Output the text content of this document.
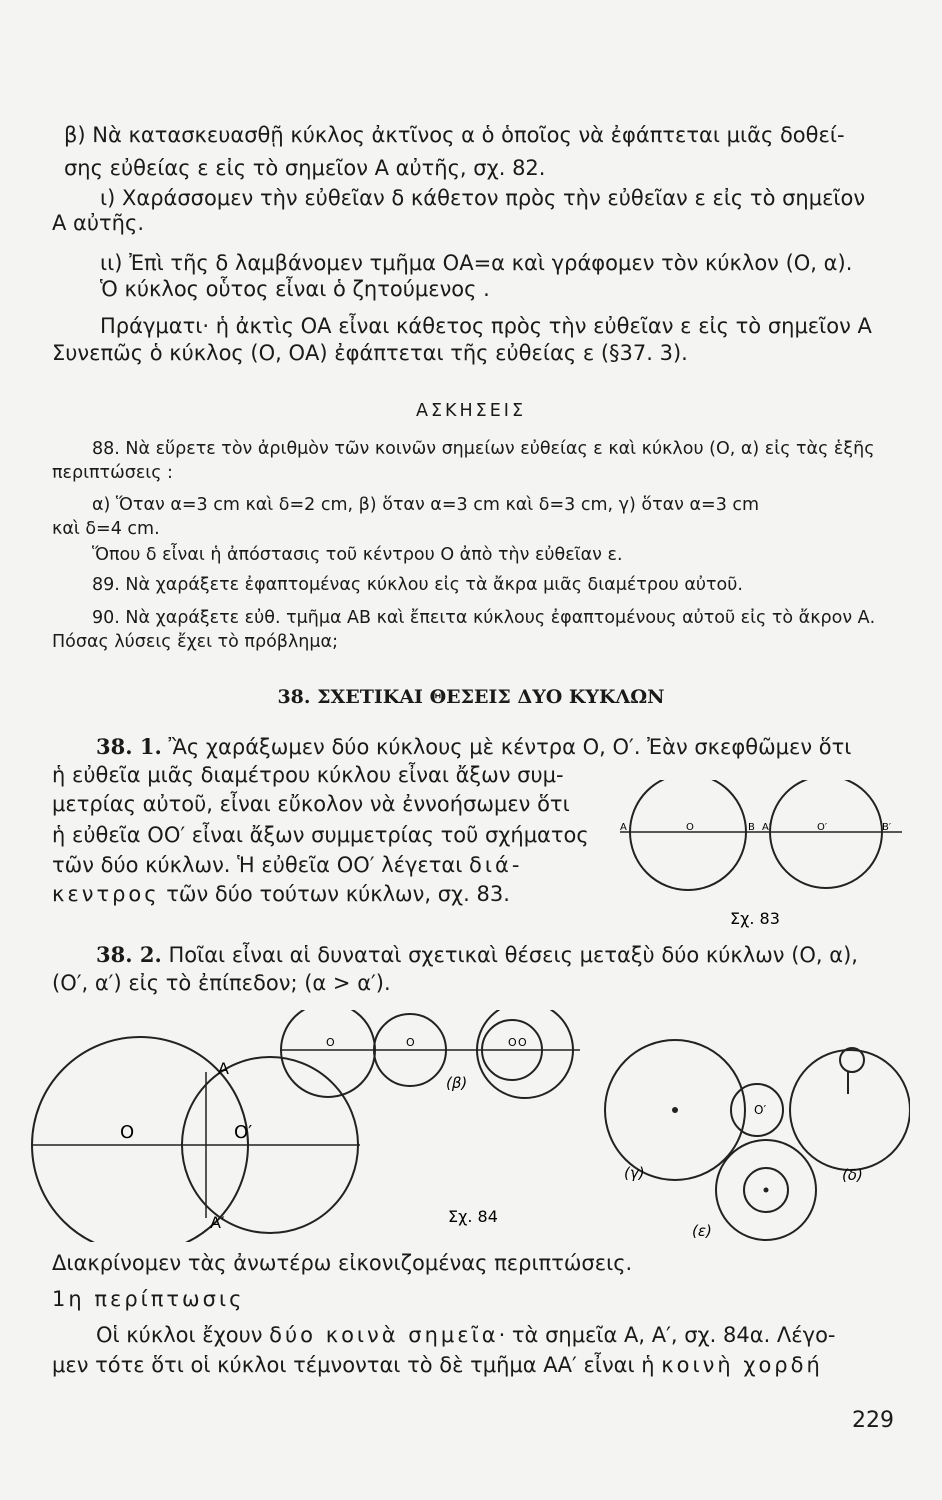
β) Νὰ κατασκευασθῇ κύκλος ἀκτῖνος α ὁ ὁποῖος νὰ ἐφάπτεται μιᾶς δοθεί-
σης εὐθείας ε εἰς τὸ σημεῖον Α αὐτῆς, σχ. 82.
ι) Χαράσσομεν τὴν εὐθεῖαν δ κάθετον πρὸς τὴν εὐθεῖαν ε εἰς τὸ σημεῖον
Α αὐτῆς.
ιι) Ἐπὶ τῆς δ λαμβάνομεν τμῆμα ΟΑ=α καὶ γράφομεν τὸν κύκλον (Ο, α).
Ὁ κύκλος οὗτος εἶναι ὁ ζητούμενος .
Πράγματι· ἡ ἀκτὶς ΟΑ εἶναι κάθετος πρὸς τὴν εὐθεῖαν ε εἰς τὸ σημεῖον Α
Συνεπῶς ὁ κύκλος (Ο, ΟΑ) ἐφάπτεται τῆς εὐθείας ε (§37. 3).
ΑΣΚΗΣΕΙΣ
88. Νὰ εὕρετε τὸν ἀριθμὸν τῶν κοινῶν σημείων εὐθείας ε καὶ κύκλου (Ο, α) εἰς τὰς ἑξῆς
περιπτώσεις :
α) Ὅταν α=3 cm καὶ δ=2 cm, β) ὅταν α=3 cm καὶ δ=3 cm, γ) ὅταν α=3 cm
καὶ δ=4 cm.
Ὅπου δ εἶναι ἡ ἀπόστασις τοῦ κέντρου Ο ἀπὸ τὴν εὐθεῖαν ε.
89. Νὰ χαράξετε ἐφαπτομένας κύκλου εἰς τὰ ἄκρα μιᾶς διαμέτρου αὐτοῦ.
90. Νὰ χαράξετε εὐθ. τμῆμα ΑΒ καὶ ἔπειτα κύκλους ἐφαπτομένους αὐτοῦ εἰς τὸ ἄκρον Α.
Πόσας λύσεις ἔχει τὸ πρόβλημα;
38. ΣΧΕΤΙΚΑΙ ΘΕΣΕΙΣ ΔΥΟ ΚΥΚΛΩΝ
38. 1. Ἂς χαράξωμεν δύο κύκλους μὲ κέντρα Ο, Ο′. Ἐὰν σκεφθῶμεν ὅτι
ἡ εὐθεῖα μιᾶς διαμέτρου κύκλου εἶναι ἄξων συμ-
μετρίας αὐτοῦ, εἶναι εὔκολον νὰ ἐννοήσωμεν ὅτι
ἡ εὐθεῖα ΟΟ′ εἶναι ἄξων συμμετρίας τοῦ σχήματος
τῶν δύο κύκλων. Ἡ εὐθεῖα ΟΟ′ λέγεται διά-
κεντρος τῶν δύο τούτων κύκλων, σχ. 83.
A	O	B A′	O′	B′
Σχ. 83
38. 2. Ποῖαι εἶναι αἱ δυναταὶ σχετικαὶ θέσεις μεταξὺ δύο κύκλων (Ο, α),
(Ο′, α′) εἰς τὸ ἐπίπεδον; (α > α′).
A
O	O′
A′
O	O	O O
(β)
O′
(γ)	(δ)
(ε)
Σχ. 84
Διακρίνομεν τὰς ἀνωτέρω εἰκονιζομένας περιπτώσεις.
1η περίπτωσις
Οἱ κύκλοι ἔχουν δύο κοινὰ σημεῖα· τὰ σημεῖα Α, Α′, σχ. 84α. Λέγο-
μεν τότε ὅτι οἱ κύκλοι τέμνονται τὸ δὲ τμῆμα ΑΑ′ εἶναι ἡ κοινὴ χορδή
229
